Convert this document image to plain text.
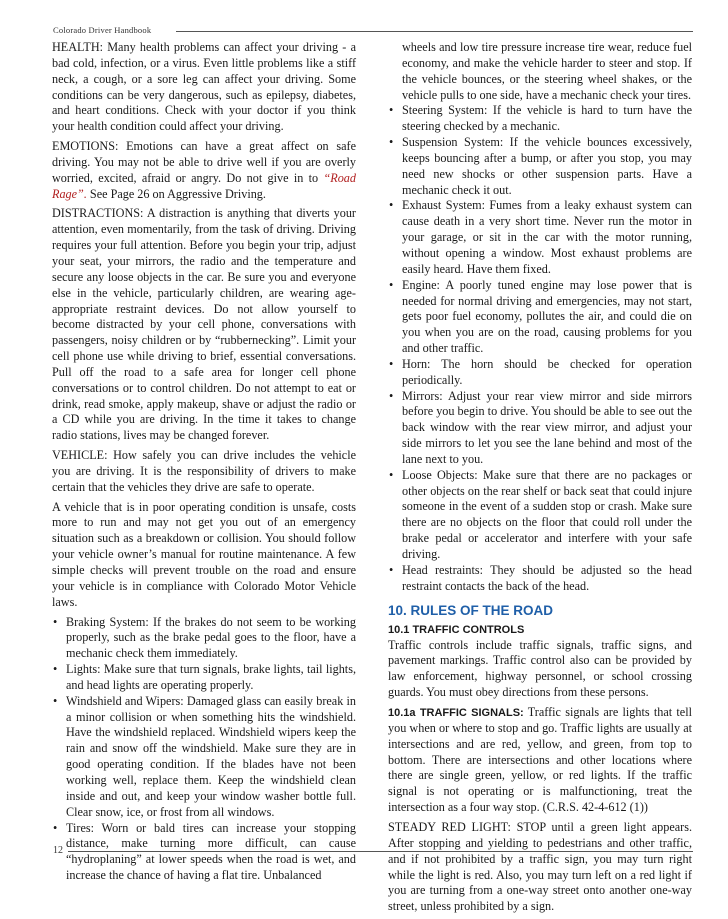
Colorado Driver Handbook

HEALTH: Many health problems can affect your driving - a bad cold, infection, or a virus. Even little problems like a stiff neck, a cough, or a sore leg can affect your driving. Some conditions can be very dangerous, such as epilepsy, diabetes, and heart conditions. Check with your doctor if you think your health condition could affect your driving.

EMOTIONS: Emotions can have a great affect on safe driving. You may not be able to drive well if you are overly worried, excited, afraid or angry. Do not give in to “Road Rage”. See Page 26 on Aggressive Driving.

DISTRACTIONS: A distraction is anything that diverts your attention, even momentarily, from the task of driving. Driving requires your full attention. Before you begin your trip, adjust your seat, your mirrors, the radio and the temperature and secure any loose objects in the car. Be sure you and everyone else in the vehicle, particularly children, are wearing age-appropriate restraint devices. Do not allow yourself to become distracted by your cell phone, conversations with passengers, noisy children or by “rubbernecking”. Limit your cell phone use while driving to brief, essential conversations. Pull off the road to a safe area for longer cell phone conversations or to control children. Do not attempt to eat or drink, read smoke, apply makeup, shave or adjust the radio or a CD while you are driving. In the time it takes to change radio stations, lives may be changed forever.

VEHICLE: How safely you can drive includes the vehicle you are driving. It is the responsibility of drivers to make certain that the vehicles they drive are safe to operate.

A vehicle that is in poor operating condition is unsafe, costs more to run and may not get you out of an emergency situation such as a breakdown or collision. You should follow your vehicle owner’s manual for routine maintenance. A few simple checks will prevent trouble on the road and ensure your vehicle is in compliance with Colorado Motor Vehicle laws.

• Braking System: If the brakes do not seem to be working properly, such as the brake pedal goes to the floor, have a mechanic check them immediately.
• Lights: Make sure that turn signals, brake lights, tail lights, and head lights are operating properly.
• Windshield and Wipers: Damaged glass can easily break in a minor collision or when something hits the windshield. Have the windshield replaced. Windshield wipers keep the rain and snow off the windshield. Make sure they are in good operating condition. If the blades have not been working well, replace them. Keep the windshield clean inside and out, and keep your window washer bottle full. Clear snow, ice, or frost from all windows.
• Tires: Worn or bald tires can increase your stopping distance, make turning more difficult, can cause “hydroplaning” at lower speeds when the road is wet, and increase the chance of having a flat tire. Unbalanced
wheels and low tire pressure increase tire wear, reduce fuel economy, and make the vehicle harder to steer and stop. If the vehicle bounces, or the steering wheel shakes, or the vehicle pulls to one side, have a mechanic check your tires.
• Steering System: If the vehicle is hard to turn have the steering checked by a mechanic.
• Suspension System: If the vehicle bounces excessively, keeps bouncing after a bump, or after you stop, you may need new shocks or other suspension parts. Have a mechanic check it out.
• Exhaust System: Fumes from a leaky exhaust system can cause death in a very short time. Never run the motor in your garage, or sit in the car with the motor running, without opening a window. Most exhaust problems are easily heard. Have them fixed.
• Engine: A poorly tuned engine may lose power that is needed for normal driving and emergencies, may not start, gets poor fuel economy, pollutes the air, and could die on you when you are on the road, causing problems for you and other traffic.
• Horn: The horn should be checked for operation periodically.
• Mirrors: Adjust your rear view mirror and side mirrors before you begin to drive. You should be able to see out the back window with the rear view mirror, and adjust your side mirrors to let you see the lane behind and most of the lane next to you.
• Loose Objects: Make sure that there are no packages or other objects on the rear shelf or back seat that could injure someone in the event of a sudden stop or crash. Make sure there are no objects on the floor that could roll under the brake pedal or accelerator and interfere with your safe driving.
• Head restraints: They should be adjusted so the head restraint contacts the back of the head.
10. RULES OF THE ROAD
10.1 TRAFFIC CONTROLS

Traffic controls include traffic signals, traffic signs, and pavement markings. Traffic control also can be provided by law enforcement, highway personnel, or school crossing guards. You must obey directions from these persons.

10.1a TRAFFIC SIGNALS: Traffic signals are lights that tell you when or where to stop and go. Traffic lights are usually at intersections and are red, yellow, and green, from top to bottom. There are intersections and other locations where there are single green, yellow, or red lights. If the traffic signal is not operating or is malfunctioning, treat the intersection as a four way stop. (C.R.S. 42-4-612 (1))

STEADY RED LIGHT: STOP until a green light appears. After stopping and yielding to pedestrians and other traffic, and if not prohibited by a traffic sign, you may turn right while the light is red. Also, you may turn left on a red light if you are turning from a one-way street onto another one-way street, unless prohibited by a sign.

12
